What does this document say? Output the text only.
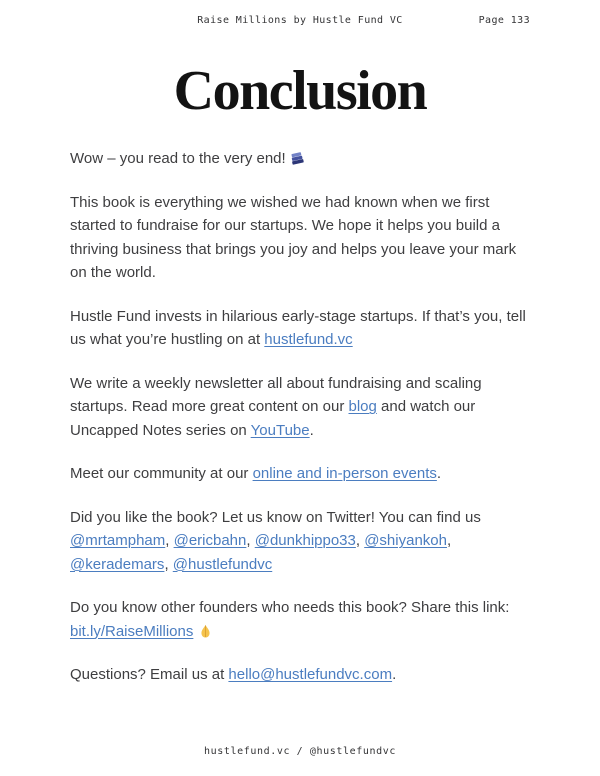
Raise Millions by Hustle Fund VC	Page 133
Conclusion

Wow – you read to the very end!

This book is everything we wished we had known when we first
started to fundraise for our startups. We hope it helps you build a
thriving business that brings you joy and helps you leave your mark
on the world.

Hustle Fund invests in hilarious early-stage startups. If that’s you, tell
us what you’re hustling on at hustlefund.vc

We write a weekly newsletter all about fundraising and scaling
startups. Read more great content on our blog and watch our
Uncapped Notes series on YouTube.

Meet our community at our online and in-person events.

Did you like the book? Let us know on Twitter! You can find us
@mrtampham, @ericbahn, @dunkhippo33, @shiyankoh,
@kerademars, @hustlefundvc

Do you know other founders who needs this book? Share this link:
bit.ly/RaiseMillions

Questions? Email us at hello@hustlefundvc.com.

hustlefund.vc / @hustlefundvc
